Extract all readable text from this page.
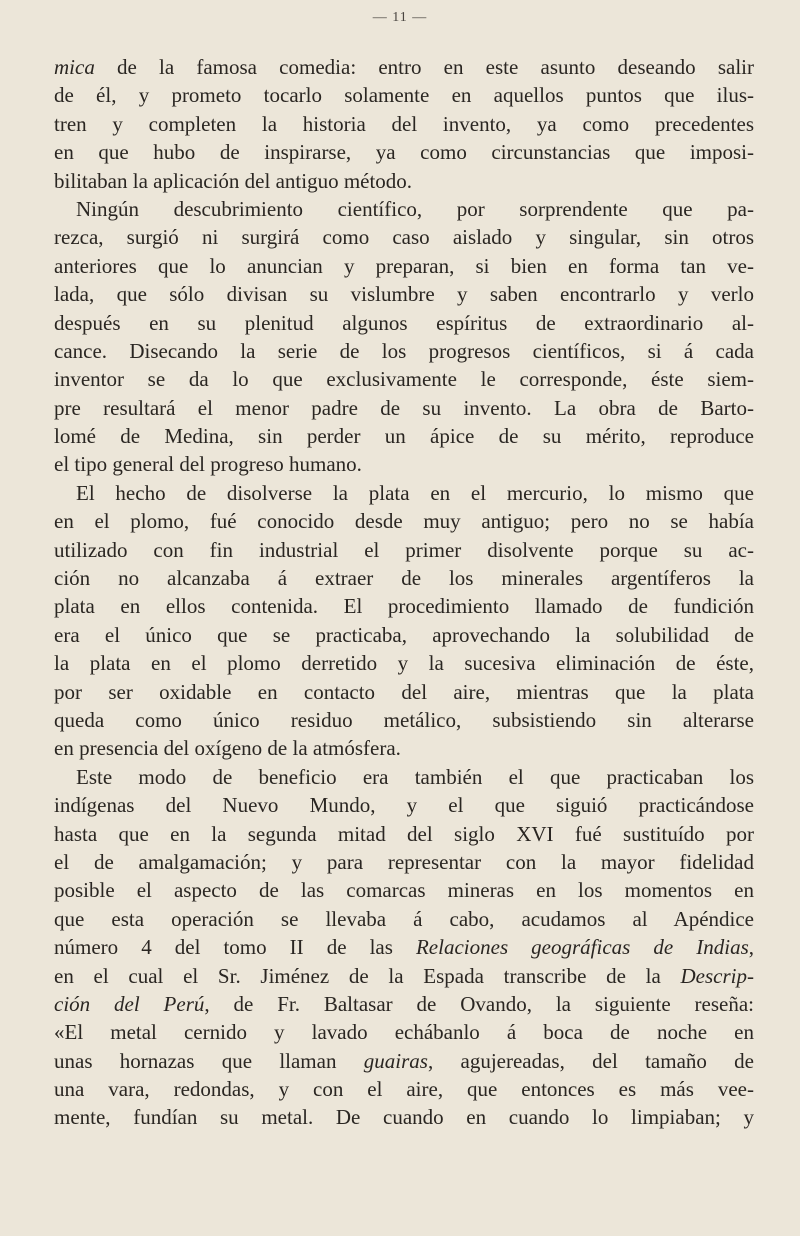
— 11 —
mica de la famosa comedia: entro en este asunto deseando salir
de él, y prometo tocarlo solamente en aquellos puntos que ilus-
tren y completen la historia del invento, ya como precedentes
en que hubo de inspirarse, ya como circunstancias que imposi-
bilitaban la aplicación del antiguo método.
Ningún descubrimiento científico, por sorprendente que pa-
rezca, surgió ni surgirá como caso aislado y singular, sin otros
anteriores que lo anuncian y preparan, si bien en forma tan ve-
lada, que sólo divisan su vislumbre y saben encontrarlo y verlo
después en su plenitud algunos espíritus de extraordinario al-
cance. Disecando la serie de los progresos científicos, si á cada
inventor se da lo que exclusivamente le corresponde, éste siem-
pre resultará el menor padre de su invento. La obra de Barto-
lomé de Medina, sin perder un ápice de su mérito, reproduce
el tipo general del progreso humano.
El hecho de disolverse la plata en el mercurio, lo mismo que
en el plomo, fué conocido desde muy antiguo; pero no se había
utilizado con fin industrial el primer disolvente porque su ac-
ción no alcanzaba á extraer de los minerales argentíferos la
plata en ellos contenida. El procedimiento llamado de fundición
era el único que se practicaba, aprovechando la solubilidad de
la plata en el plomo derretido y la sucesiva eliminación de éste,
por ser oxidable en contacto del aire, mientras que la plata
queda como único residuo metálico, subsistiendo sin alterarse
en presencia del oxígeno de la atmósfera.
Este modo de beneficio era también el que practicaban los
indígenas del Nuevo Mundo, y el que siguió practicándose
hasta que en la segunda mitad del siglo XVI fué sustituído por
el de amalgamación; y para representar con la mayor fidelidad
posible el aspecto de las comarcas mineras en los momentos en
que esta operación se llevaba á cabo, acudamos al Apéndice
número 4 del tomo II de las Relaciones geográficas de Indias,
en el cual el Sr. Jiménez de la Espada transcribe de la Descrip-
ción del Perú, de Fr. Baltasar de Ovando, la siguiente reseña:
«El metal cernido y lavado echábanlo á boca de noche en
unas hornazas que llaman guairas, agujereadas, del tamaño de
una vara, redondas, y con el aire, que entonces es más vee-
mente, fundían su metal. De cuando en cuando lo limpiaban; y
